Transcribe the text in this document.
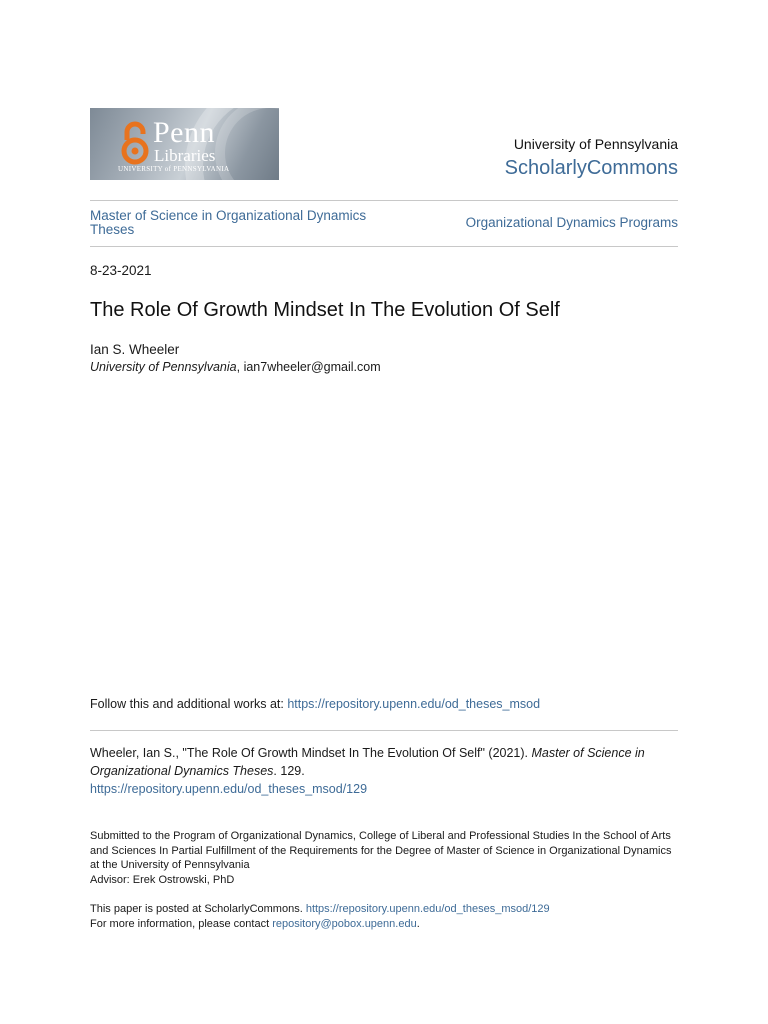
Penn
Libraries
UNIVERSITY of PENNSYLVANIA
University of Pennsylvania
ScholarlyCommons
Master of Science in Organizational Dynamics Theses	Organizational Dynamics Programs
8-23-2021
The Role Of Growth Mindset In The Evolution Of Self
Ian S. Wheeler
University of Pennsylvania, ian7wheeler@gmail.com
Follow this and additional works at: https://repository.upenn.edu/od_theses_msod
Wheeler, Ian S., "The Role Of Growth Mindset In The Evolution Of Self" (2021). Master of Science in Organizational Dynamics Theses. 129.
https://repository.upenn.edu/od_theses_msod/129
Submitted to the Program of Organizational Dynamics, College of Liberal and Professional Studies In the School of Arts and Sciences In Partial Fulfillment of the Requirements for the Degree of Master of Science in Organizational Dynamics at the University of Pennsylvania
Advisor: Erek Ostrowski, PhD
This paper is posted at ScholarlyCommons. https://repository.upenn.edu/od_theses_msod/129
For more information, please contact repository@pobox.upenn.edu.
